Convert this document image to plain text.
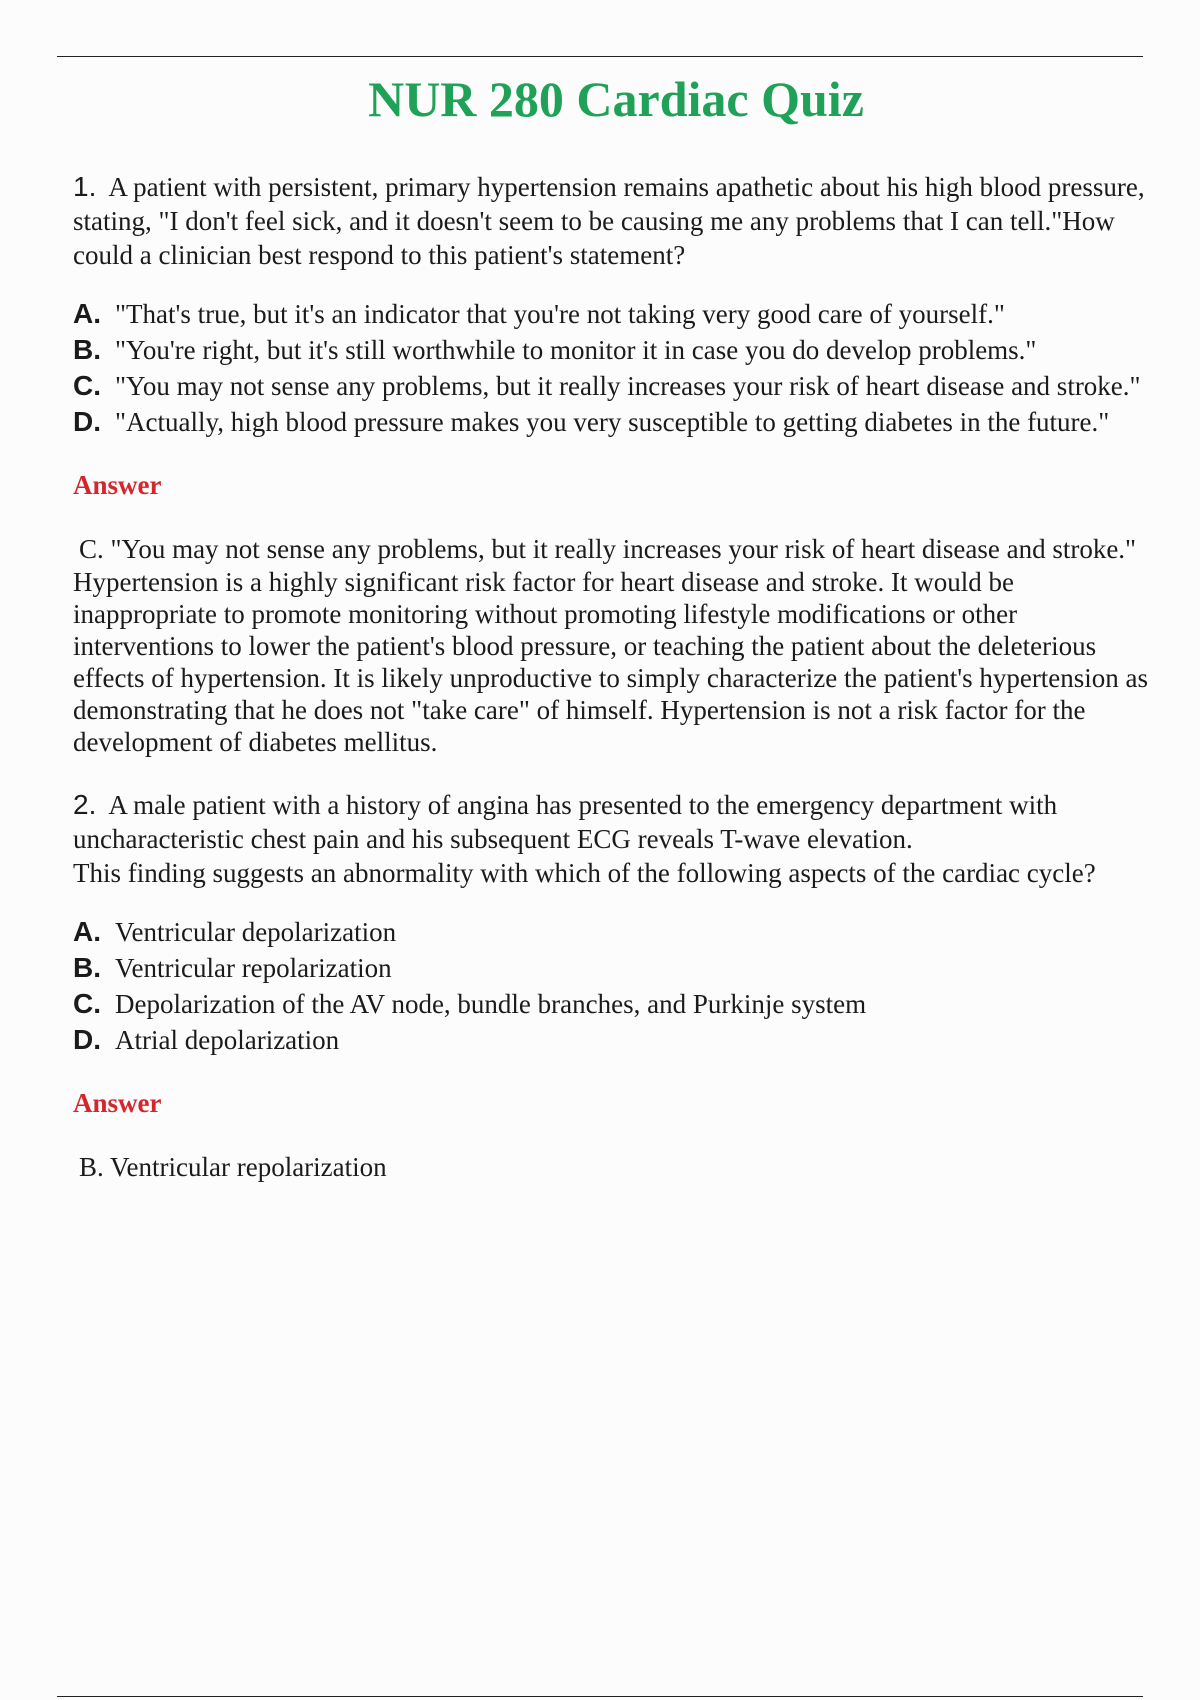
NUR 280 Cardiac Quiz

1. A patient with persistent, primary hypertension remains apathetic about his high blood pressure, stating, "I don't feel sick, and it doesn't seem to be causing me any problems that I can tell."How could a clinician best respond to this patient's statement?

A. "That's true, but it's an indicator that you're not taking very good care of yourself."
B. "You're right, but it's still worthwhile to monitor it in case you do develop problems."
C. "You may not sense any problems, but it really increases your risk of heart disease and stroke."
D. "Actually, high blood pressure makes you very susceptible to getting diabetes in the future."
Answer
C. "You may not sense any problems, but it really increases your risk of heart disease and stroke."
Hypertension is a highly significant risk factor for heart disease and stroke. It would be inappropriate to promote monitoring without promoting lifestyle modifications or other interventions to lower the patient's blood pressure, or teaching the patient about the deleterious effects of hypertension. It is likely unproductive to simply characterize the patient's hypertension as demonstrating that he does not "take care" of himself. Hypertension is not a risk factor for the development of diabetes mellitus.

2. A male patient with a history of angina has presented to the emergency department with uncharacteristic chest pain and his subsequent ECG reveals T-wave elevation.
This finding suggests an abnormality with which of the following aspects of the cardiac cycle?

A. Ventricular depolarization
B. Ventricular repolarization
C. Depolarization of the AV node, bundle branches, and Purkinje system
D. Atrial depolarization
Answer
B. Ventricular repolarization
